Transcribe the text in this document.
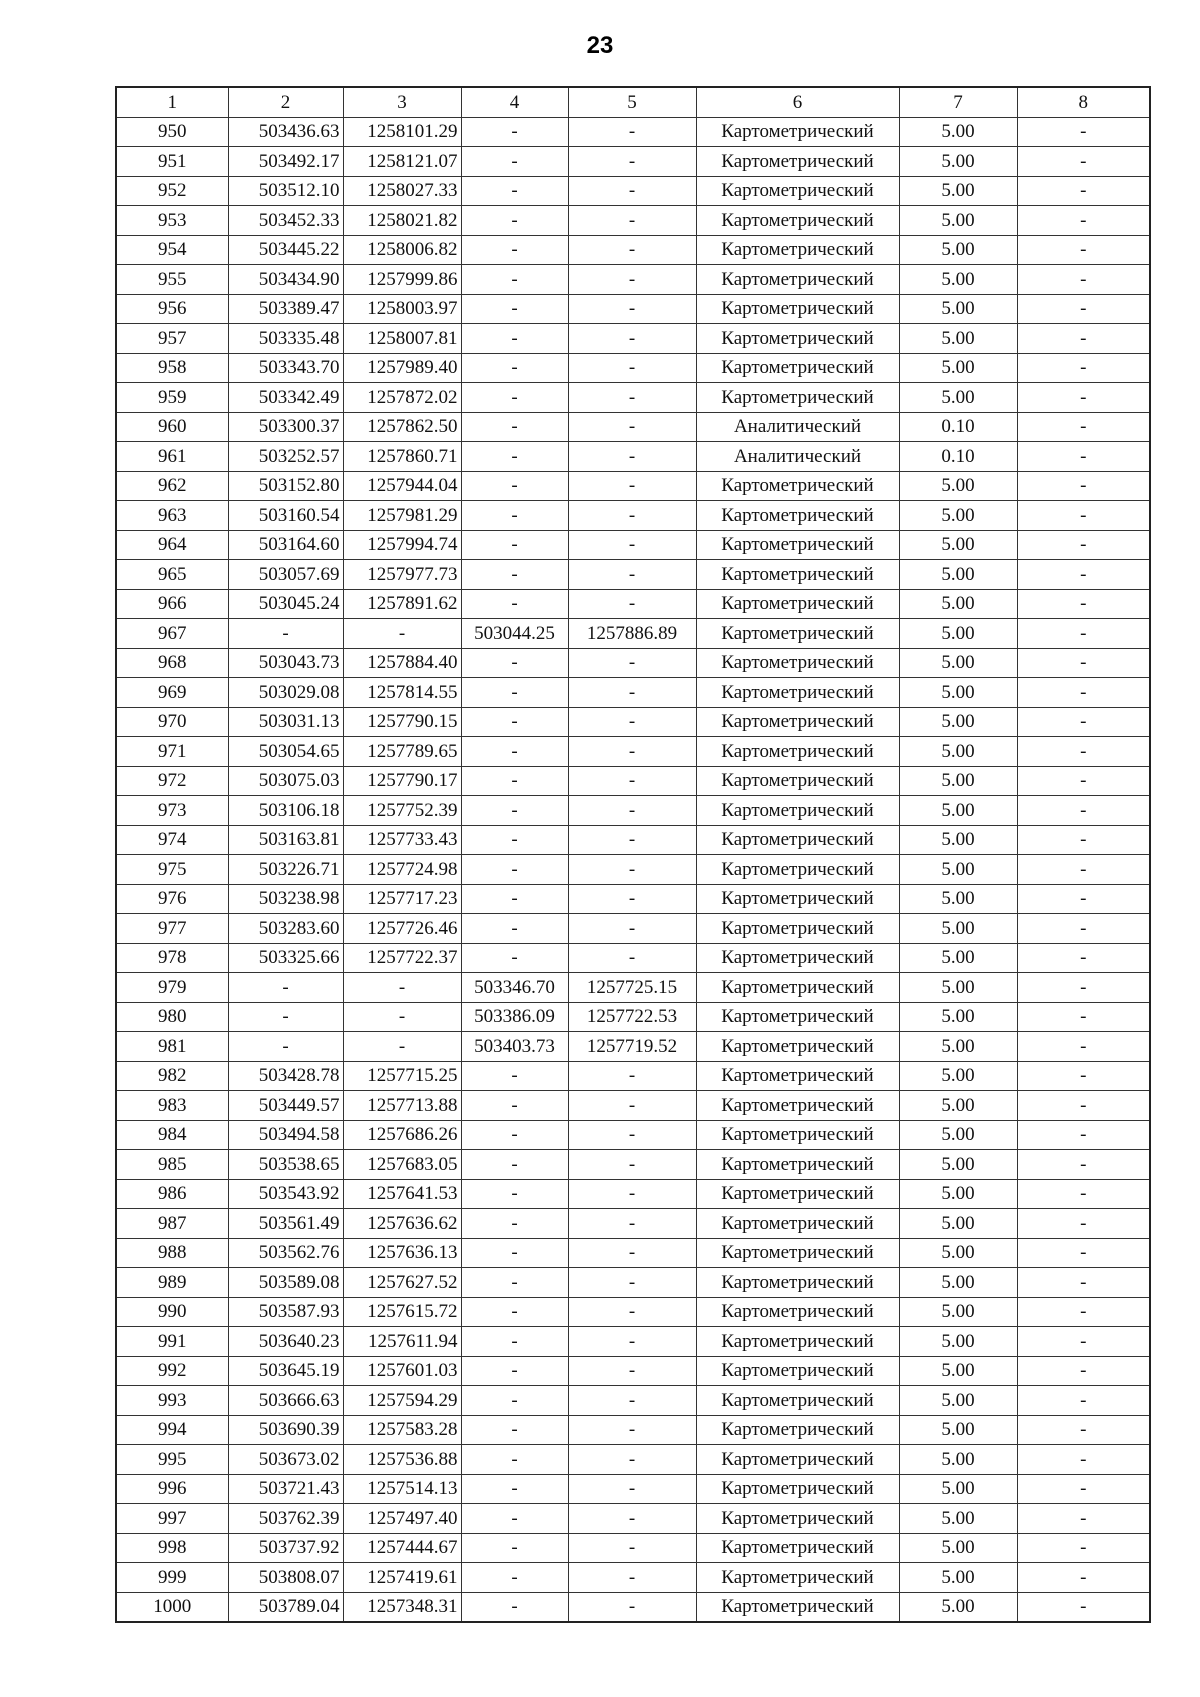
23
1	2	3	4	5	6	7	8
950	503436.63	1258101.29	-	-	Картометрический	5.00	-
951	503492.17	1258121.07	-	-	Картометрический	5.00	-
952	503512.10	1258027.33	-	-	Картометрический	5.00	-
953	503452.33	1258021.82	-	-	Картометрический	5.00	-
954	503445.22	1258006.82	-	-	Картометрический	5.00	-
955	503434.90	1257999.86	-	-	Картометрический	5.00	-
956	503389.47	1258003.97	-	-	Картометрический	5.00	-
957	503335.48	1258007.81	-	-	Картометрический	5.00	-
958	503343.70	1257989.40	-	-	Картометрический	5.00	-
959	503342.49	1257872.02	-	-	Картометрический	5.00	-
960	503300.37	1257862.50	-	-	Аналитический	0.10	-
961	503252.57	1257860.71	-	-	Аналитический	0.10	-
962	503152.80	1257944.04	-	-	Картометрический	5.00	-
963	503160.54	1257981.29	-	-	Картометрический	5.00	-
964	503164.60	1257994.74	-	-	Картометрический	5.00	-
965	503057.69	1257977.73	-	-	Картометрический	5.00	-
966	503045.24	1257891.62	-	-	Картометрический	5.00	-
967	-	-	503044.25	1257886.89	Картометрический	5.00	-
968	503043.73	1257884.40	-	-	Картометрический	5.00	-
969	503029.08	1257814.55	-	-	Картометрический	5.00	-
970	503031.13	1257790.15	-	-	Картометрический	5.00	-
971	503054.65	1257789.65	-	-	Картометрический	5.00	-
972	503075.03	1257790.17	-	-	Картометрический	5.00	-
973	503106.18	1257752.39	-	-	Картометрический	5.00	-
974	503163.81	1257733.43	-	-	Картометрический	5.00	-
975	503226.71	1257724.98	-	-	Картометрический	5.00	-
976	503238.98	1257717.23	-	-	Картометрический	5.00	-
977	503283.60	1257726.46	-	-	Картометрический	5.00	-
978	503325.66	1257722.37	-	-	Картометрический	5.00	-
979	-	-	503346.70	1257725.15	Картометрический	5.00	-
980	-	-	503386.09	1257722.53	Картометрический	5.00	-
981	-	-	503403.73	1257719.52	Картометрический	5.00	-
982	503428.78	1257715.25	-	-	Картометрический	5.00	-
983	503449.57	1257713.88	-	-	Картометрический	5.00	-
984	503494.58	1257686.26	-	-	Картометрический	5.00	-
985	503538.65	1257683.05	-	-	Картометрический	5.00	-
986	503543.92	1257641.53	-	-	Картометрический	5.00	-
987	503561.49	1257636.62	-	-	Картометрический	5.00	-
988	503562.76	1257636.13	-	-	Картометрический	5.00	-
989	503589.08	1257627.52	-	-	Картометрический	5.00	-
990	503587.93	1257615.72	-	-	Картометрический	5.00	-
991	503640.23	1257611.94	-	-	Картометрический	5.00	-
992	503645.19	1257601.03	-	-	Картометрический	5.00	-
993	503666.63	1257594.29	-	-	Картометрический	5.00	-
994	503690.39	1257583.28	-	-	Картометрический	5.00	-
995	503673.02	1257536.88	-	-	Картометрический	5.00	-
996	503721.43	1257514.13	-	-	Картометрический	5.00	-
997	503762.39	1257497.40	-	-	Картометрический	5.00	-
998	503737.92	1257444.67	-	-	Картометрический	5.00	-
999	503808.07	1257419.61	-	-	Картометрический	5.00	-
1000	503789.04	1257348.31	-	-	Картометрический	5.00	-
